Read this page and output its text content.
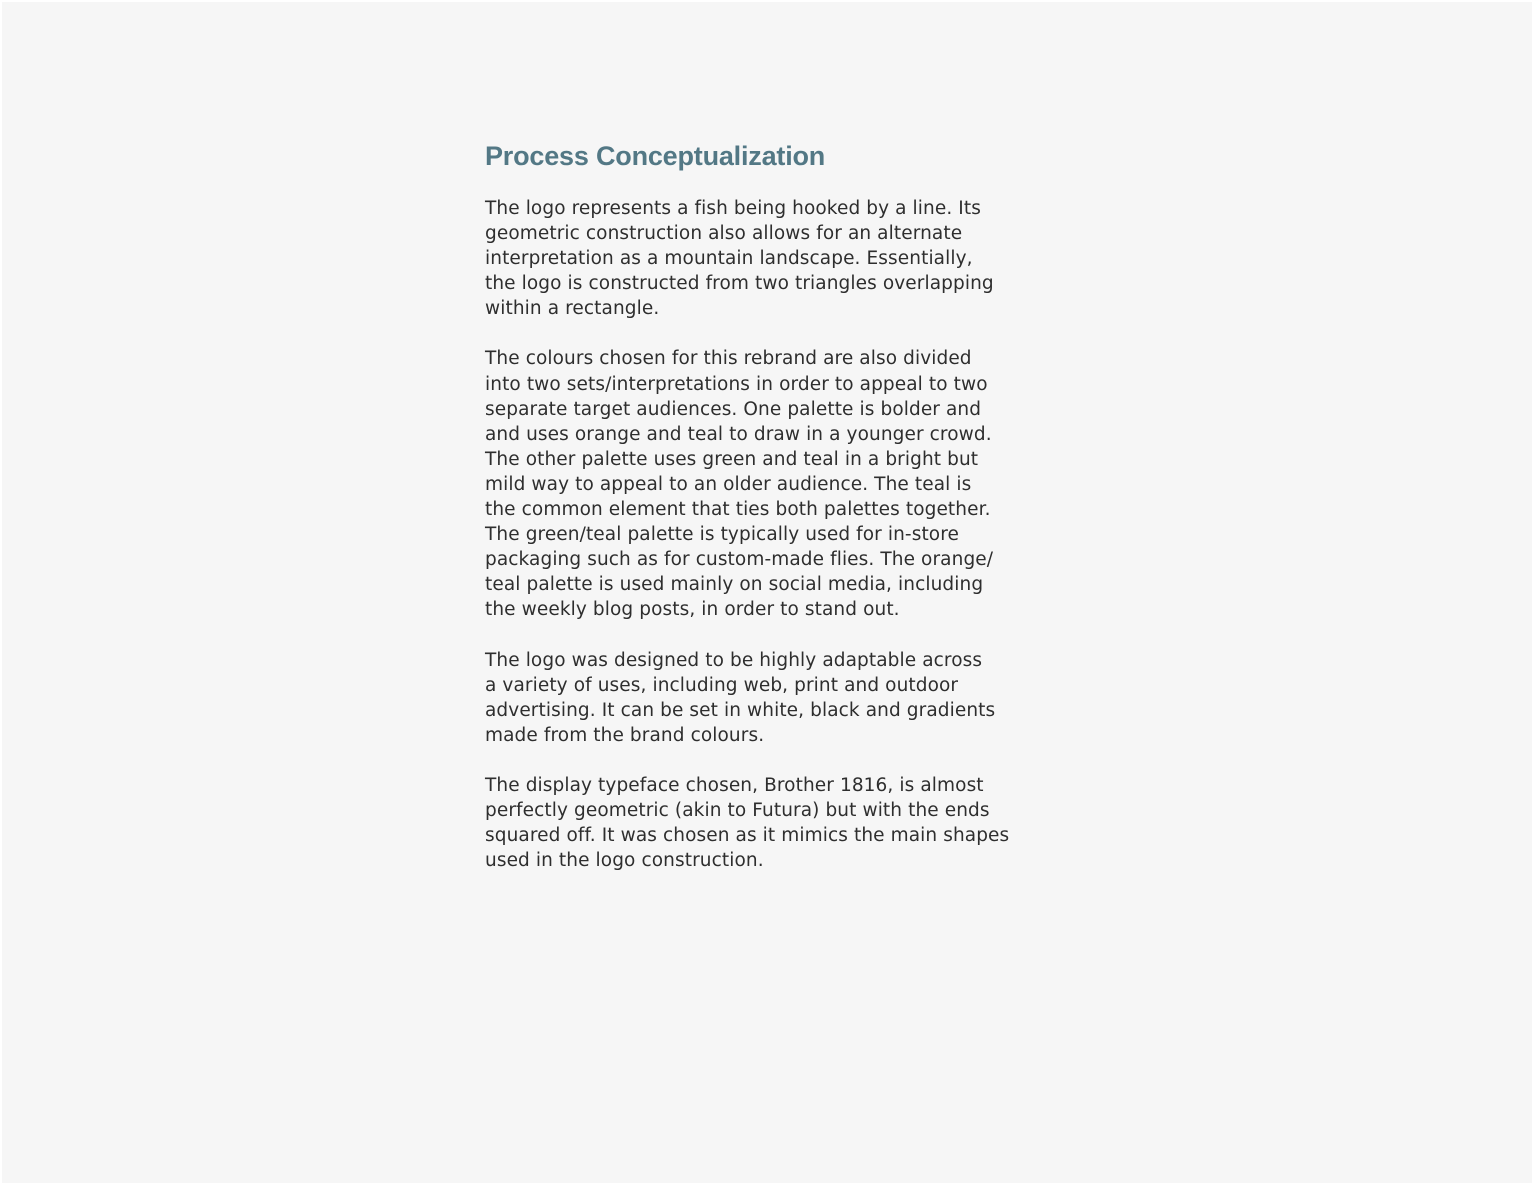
Process Conceptualization

The logo represents a fish being hooked by a line. Its
geometric construction also allows for an alternate
interpretation as a mountain landscape. Essentially,
the logo is constructed from two triangles overlapping
within a rectangle.

The colours chosen for this rebrand are also divided
into two sets/interpretations in order to appeal to two
separate target audiences. One palette is bolder and
and uses orange and teal to draw in a younger crowd.
The other palette uses green and teal in a bright but
mild way to appeal to an older audience. The teal is
the common element that ties both palettes together.
The green/teal palette is typically used for in-store
packaging such as for custom-made flies. The orange/
teal palette is used mainly on social media, including
the weekly blog posts, in order to stand out.

The logo was designed to be highly adaptable across
a variety of uses, including web, print and outdoor
advertising. It can be set in white, black and gradients
made from the brand colours.

The display typeface chosen, Brother 1816, is almost
perfectly geometric (akin to Futura) but with the ends
squared off. It was chosen as it mimics the main shapes
used in the logo construction.
